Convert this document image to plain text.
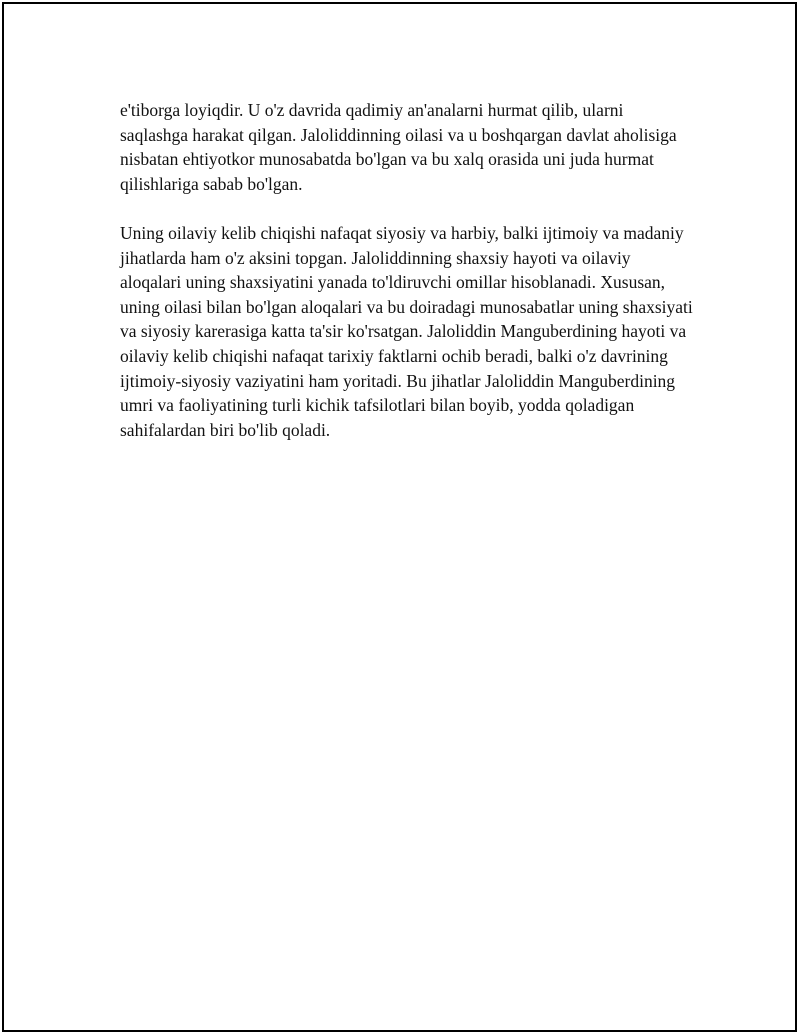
e'tiborga loyiqdir. U o'z davrida qadimiy an'analarni hurmat qilib, ularni saqlashga harakat qilgan. Jaloliddinning oilasi va u boshqargan davlat aholisiga nisbatan ehtiyotkor munosabatda bo'lgan va bu xalq orasida uni juda hurmat qilishlariga sabab bo'lgan.

Uning oilaviy kelib chiqishi nafaqat siyosiy va harbiy, balki ijtimoiy va madaniy jihatlarda ham o'z aksini topgan. Jaloliddinning shaxsiy hayoti va oilaviy aloqalari uning shaxsiyatini yanada to'ldiruvchi omillar hisoblanadi. Xususan, uning oilasi bilan bo'lgan aloqalari va bu doiradagi munosabatlar uning shaxsiyati va siyosiy karerasiga katta ta'sir ko'rsatgan. Jaloliddin Manguberdining hayoti va oilaviy kelib chiqishi nafaqat tarixiy faktlarni ochib beradi, balki o'z davrining ijtimoiy-siyosiy vaziyatini ham yoritadi. Bu jihatlar Jaloliddin Manguberdining umri va faoliyatining turli kichik tafsilotlari bilan boyib, yodda qoladigan sahifalardan biri bo'lib qoladi.
